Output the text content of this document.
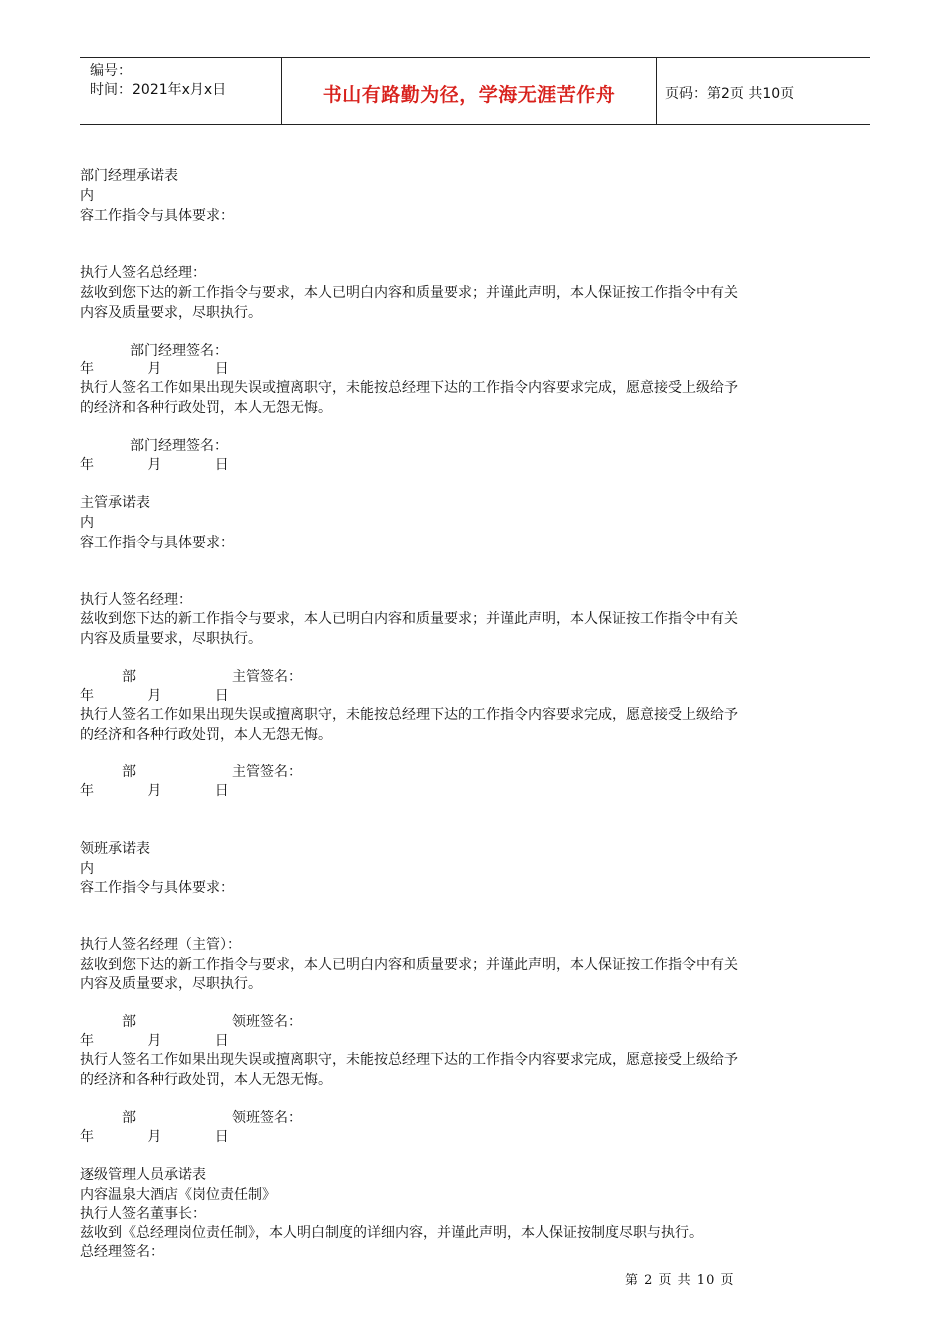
编号：
时间：2021年x月x日	书山有路勤为径，学海无涯苦作舟	页码：第2页 共10页
部门经理承诺表
内
容工作指令与具体要求：
执行人签名总经理：
兹收到您下达的新工作指令与要求，本人已明白内容和质量要求；并谨此声明，本人保证按工作指令中有关
内容及质量要求，尽职执行。
部门经理签名：
年            月            日
执行人签名工作如果出现失误或擅离职守，未能按总经理下达的工作指令内容要求完成，愿意接受上级给予
的经济和各种行政处罚，本人无怨无悔。
部门经理签名：
年            月            日
主管承诺表
内
容工作指令与具体要求：
执行人签名经理：
兹收到您下达的新工作指令与要求，本人已明白内容和质量要求；并谨此声明，本人保证按工作指令中有关
内容及质量要求，尽职执行。
部	主管签名：
年            月            日
执行人签名工作如果出现失误或擅离职守，未能按总经理下达的工作指令内容要求完成，愿意接受上级给予
的经济和各种行政处罚，本人无怨无悔。
部	主管签名：
年            月            日
领班承诺表
内
容工作指令与具体要求：
执行人签名经理（主管）：
兹收到您下达的新工作指令与要求，本人已明白内容和质量要求；并谨此声明，本人保证按工作指令中有关
内容及质量要求，尽职执行。
部	领班签名：
年            月            日
执行人签名工作如果出现失误或擅离职守，未能按总经理下达的工作指令内容要求完成，愿意接受上级给予
的经济和各种行政处罚，本人无怨无悔。
部	领班签名：
年            月            日
逐级管理人员承诺表
内容温泉大酒店《岗位责任制》
执行人签名董事长：
兹收到《总经理岗位责任制》，本人明白制度的详细内容，并谨此声明，本人保证按制度尽职与执行。
总经理签名：
第 2 页 共 10 页
